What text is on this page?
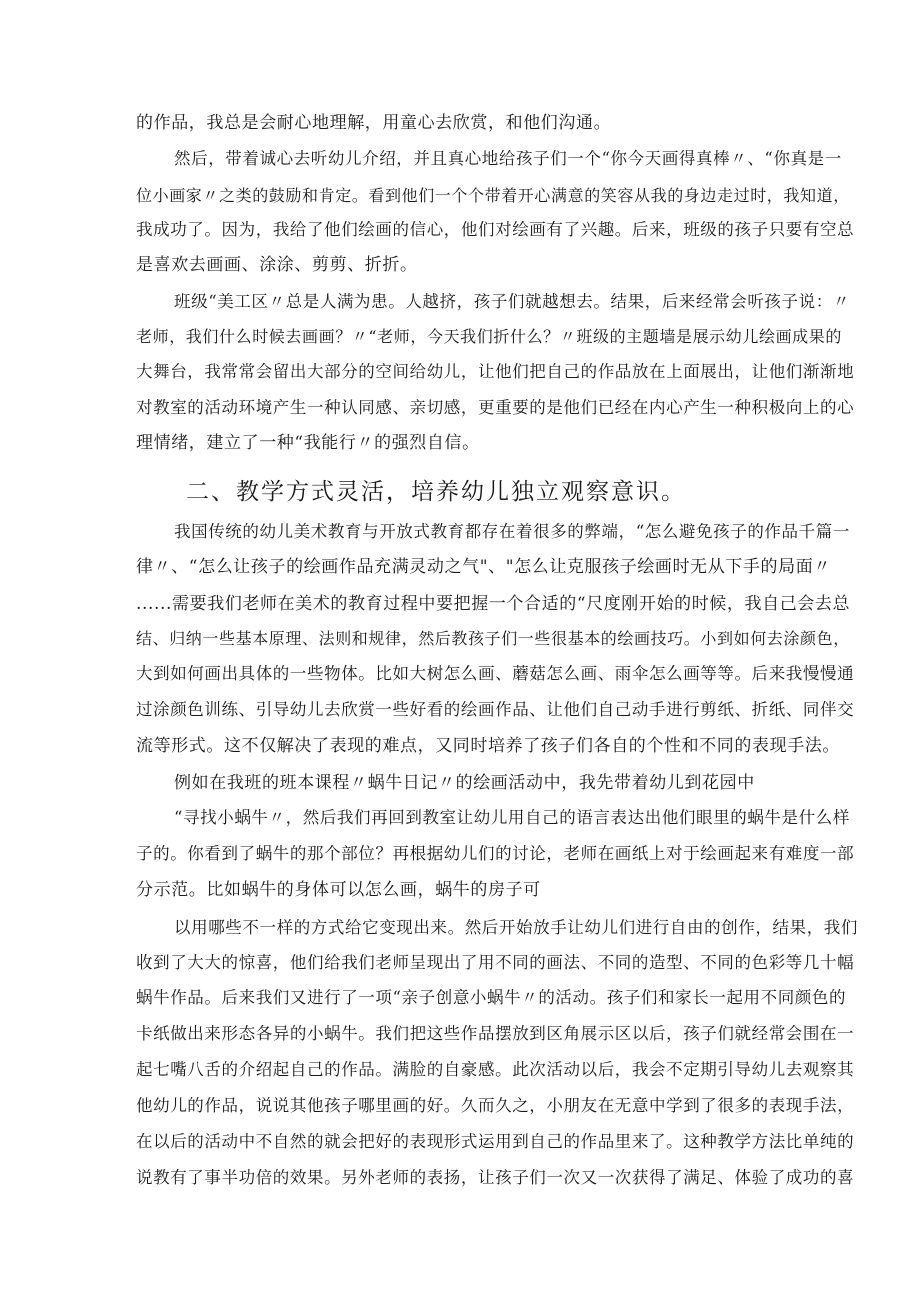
的作品，我总是会耐心地理解，用童心去欣赏，和他们沟通。
然后，带着诚心去听幼儿介绍，并且真心地给孩子们一个“你今天画得真棒〃、“你真是一
位小画家〃之类的鼓励和肯定。看到他们一个个带着开心满意的笑容从我的身边走过时，我知道，
我成功了。因为，我给了他们绘画的信心，他们对绘画有了兴趣。后来，班级的孩子只要有空总
是喜欢去画画、涂涂、剪剪、折折。
班级“美工区〃总是人满为患。人越挤，孩子们就越想去。结果，后来经常会听孩子说：〃
老师，我们什么时候去画画？〃“老师，今天我们折什么？〃班级的主题墙是展示幼儿绘画成果的
大舞台，我常常会留出大部分的空间给幼儿，让他们把自己的作品放在上面展出，让他们渐渐地
对教室的活动环境产生一种认同感、亲切感，更重要的是他们已经在内心产生一种积极向上的心
理情绪，建立了一种“我能行〃的强烈自信。
二、教学方式灵活，培养幼儿独立观察意识。
我国传统的幼儿美术教育与开放式教育都存在着很多的弊端，“怎么避免孩子的作品千篇一
律〃、“怎么让孩子的绘画作品充满灵动之气"、"怎么让克服孩子绘画时无从下手的局面〃
......需要我们老师在美术的教育过程中要把握一个合适的“尺度刚开始的时候，我自己会去总
结、归纳一些基本原理、法则和规律，然后教孩子们一些很基本的绘画技巧。小到如何去涂颜色，
大到如何画出具体的一些物体。比如大树怎么画、蘑菇怎么画、雨伞怎么画等等。后来我慢慢通
过涂颜色训练、引导幼儿去欣赏一些好看的绘画作品、让他们自己动手进行剪纸、折纸、同伴交
流等形式。这不仅解决了表现的难点，又同时培养了孩子们各自的个性和不同的表现手法。
例如在我班的班本课程〃蜗牛日记〃的绘画活动中，我先带着幼儿到花园中
“寻找小蜗牛〃，然后我们再回到教室让幼儿用自己的语言表达出他们眼里的蜗牛是什么样
子的。你看到了蜗牛的那个部位？再根据幼儿们的讨论，老师在画纸上对于绘画起来有难度一部
分示范。比如蜗牛的身体可以怎么画，蜗牛的房子可
以用哪些不一样的方式给它变现出来。然后开始放手让幼儿们进行自由的创作，结果，我们
收到了大大的惊喜，他们给我们老师呈现出了用不同的画法、不同的造型、不同的色彩等几十幅
蜗牛作品。后来我们又进行了一项“亲子创意小蜗牛〃的活动。孩子们和家长一起用不同颜色的
卡纸做出来形态各异的小蜗牛。我们把这些作品摆放到区角展示区以后，孩子们就经常会围在一
起七嘴八舌的介绍起自己的作品。满脸的自豪感。此次活动以后，我会不定期引导幼儿去观察其
他幼儿的作品，说说其他孩子哪里画的好。久而久之，小朋友在无意中学到了很多的表现手法，
在以后的活动中不自然的就会把好的表现形式运用到自己的作品里来了。这种教学方法比单纯的
说教有了事半功倍的效果。另外老师的表扬，让孩子们一次又一次获得了满足、体验了成功的喜
